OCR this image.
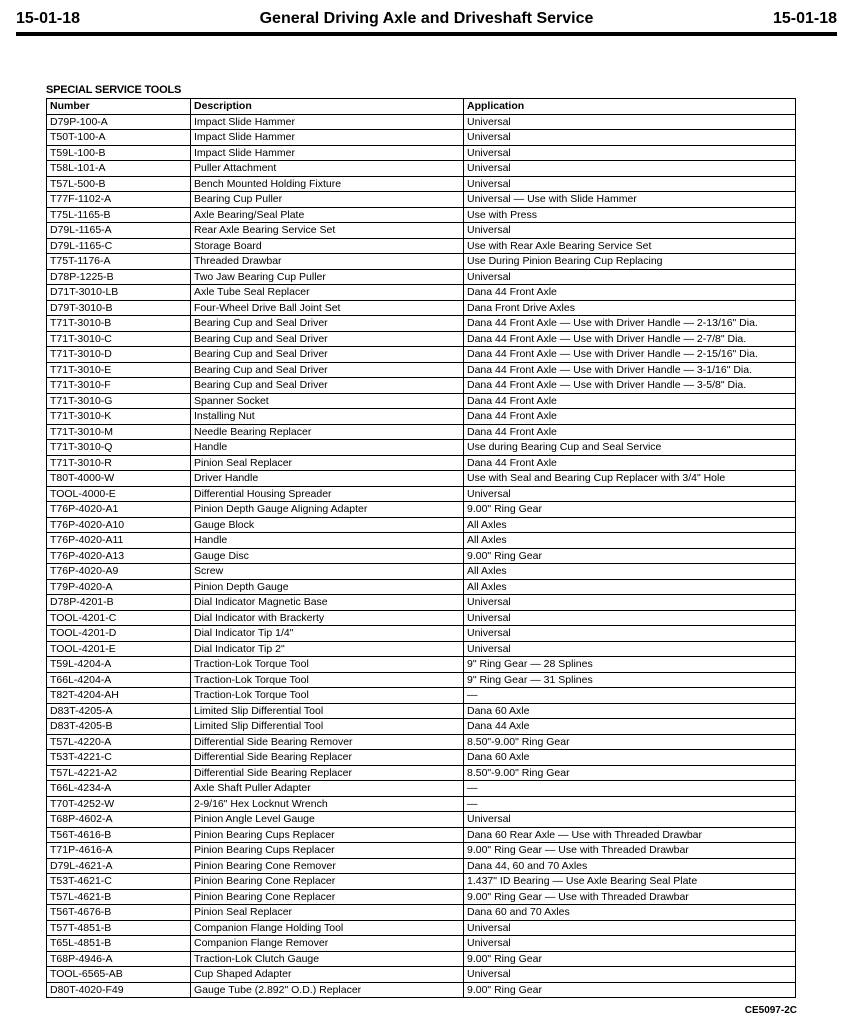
15-01-18	General Driving Axle and Driveshaft Service	15-01-18
SPECIAL SERVICE TOOLS
Number	Description	Application
D79P-100-A	Impact Slide Hammer	Universal
T50T-100-A	Impact Slide Hammer	Universal
T59L-100-B	Impact Slide Hammer	Universal
T58L-101-A	Puller Attachment	Universal
T57L-500-B	Bench Mounted Holding Fixture	Universal
T77F-1102-A	Bearing Cup Puller	Universal — Use with Slide Hammer
T75L-1165-B	Axle Bearing/Seal Plate	Use with Press
D79L-1165-A	Rear Axle Bearing Service Set	Universal
D79L-1165-C	Storage Board	Use with Rear Axle Bearing Service Set
T75T-1176-A	Threaded Drawbar	Use During Pinion Bearing Cup Replacing
D78P-1225-B	Two Jaw Bearing Cup Puller	Universal
D71T-3010-LB	Axle Tube Seal Replacer	Dana 44 Front Axle
D79T-3010-B	Four-Wheel Drive Ball Joint Set	Dana Front Drive Axles
T71T-3010-B	Bearing Cup and Seal Driver	Dana 44 Front Axle — Use with Driver Handle — 2-13/16" Dia.
T71T-3010-C	Bearing Cup and Seal Driver	Dana 44 Front Axle — Use with Driver Handle — 2-7/8" Dia.
T71T-3010-D	Bearing Cup and Seal Driver	Dana 44 Front Axle — Use with Driver Handle — 2-15/16" Dia.
T71T-3010-E	Bearing Cup and Seal Driver	Dana 44 Front Axle — Use with Driver Handle — 3-1/16" Dia.
T71T-3010-F	Bearing Cup and Seal Driver	Dana 44 Front Axle — Use with Driver Handle — 3-5/8" Dia.
T71T-3010-G	Spanner Socket	Dana 44 Front Axle
T71T-3010-K	Installing Nut	Dana 44 Front Axle
T71T-3010-M	Needle Bearing Replacer	Dana 44 Front Axle
T71T-3010-Q	Handle	Use during Bearing Cup and Seal Service
T71T-3010-R	Pinion Seal Replacer	Dana 44 Front Axle
T80T-4000-W	Driver Handle	Use with Seal and Bearing Cup Replacer with 3/4" Hole
TOOL-4000-E	Differential Housing Spreader	Universal
T76P-4020-A1	Pinion Depth Gauge Aligning Adapter	9.00" Ring Gear
T76P-4020-A10	Gauge Block	All Axles
T76P-4020-A11	Handle	All Axles
T76P-4020-A13	Gauge Disc	9.00" Ring Gear
T76P-4020-A9	Screw	All Axles
T79P-4020-A	Pinion Depth Gauge	All Axles
D78P-4201-B	Dial Indicator Magnetic Base	Universal
TOOL-4201-C	Dial Indicator with Brackerty	Universal
TOOL-4201-D	Dial Indicator Tip 1/4"	Universal
TOOL-4201-E	Dial Indicator Tip 2"	Universal
T59L-4204-A	Traction-Lok Torque Tool	9" Ring Gear — 28 Splines
T66L-4204-A	Traction-Lok Torque Tool	9" Ring Gear — 31 Splines
T82T-4204-AH	Traction-Lok Torque Tool	—
D83T-4205-A	Limited Slip Differential Tool	Dana 60 Axle
D83T-4205-B	Limited Slip Differential Tool	Dana 44 Axle
T57L-4220-A	Differential Side Bearing Remover	8.50"-9.00" Ring Gear
T53T-4221-C	Differential Side Bearing Replacer	Dana 60 Axle
T57L-4221-A2	Differential Side Bearing Replacer	8.50"-9.00" Ring Gear
T66L-4234-A	Axle Shaft Puller Adapter	—
T70T-4252-W	2-9/16" Hex Locknut Wrench	—
T68P-4602-A	Pinion Angle Level Gauge	Universal
T56T-4616-B	Pinion Bearing Cups Replacer	Dana 60 Rear Axle — Use with Threaded Drawbar
T71P-4616-A	Pinion Bearing Cups Replacer	9.00" Ring Gear — Use with Threaded Drawbar
D79L-4621-A	Pinion Bearing Cone Remover	Dana 44, 60 and 70 Axles
T53T-4621-C	Pinion Bearing Cone Replacer	1.437" ID Bearing — Use Axle Bearing Seal Plate
T57L-4621-B	Pinion Bearing Cone Replacer	9.00" Ring Gear — Use with Threaded Drawbar
T56T-4676-B	Pinion Seal Replacer	Dana 60 and 70 Axles
T57T-4851-B	Companion Flange Holding Tool	Universal
T65L-4851-B	Companion Flange Remover	Universal
T68P-4946-A	Traction-Lok Clutch Gauge	9.00" Ring Gear
TOOL-6565-AB	Cup Shaped Adapter	Universal
D80T-4020-F49	Gauge Tube (2.892" O.D.) Replacer	9.00" Ring Gear
CE5097-2C
